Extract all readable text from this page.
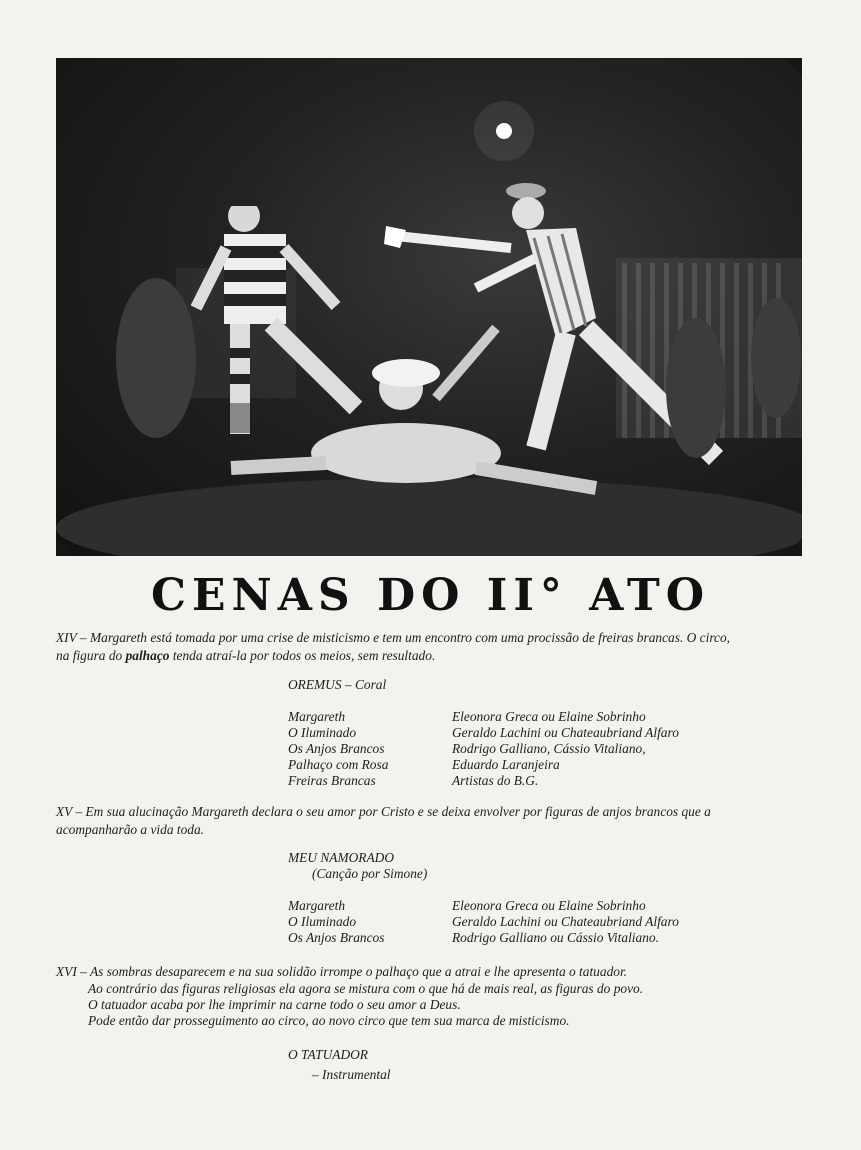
CENAS DO II° ATO
XIV – Margareth está tomada por uma crise de misticismo e tem um encontro com uma procissão de freiras brancas. O circo,
na figura do palhaço tenda atraí-la por todos os meios, sem resultado.
OREMUS – Coral
Margareth
O Iluminado
Os Anjos Brancos
Palhaço com Rosa
Freiras Brancas
Eleonora Greca ou Elaine Sobrinho
Geraldo Lachini ou Chateaubriand Alfaro
Rodrigo Galliano, Cássio Vitaliano,
Eduardo Laranjeira
Artistas do B.G.
XV – Em sua alucinação Margareth declara o seu amor por Cristo e se deixa envolver por figuras de anjos brancos que a
acompanharão a vida toda.
MEU NAMORADO
(Canção por Simone)
Margareth
O Iluminado
Os Anjos Brancos
Eleonora Greca ou Elaine Sobrinho
Geraldo Lachini ou Chateaubriand Alfaro
Rodrigo Galliano ou Cássio Vitaliano.
XVI – As sombras desaparecem e na sua solidão irrompe o palhaço que a atrai e lhe apresenta o tatuador.
Ao contrário das figuras religiosas ela agora se mistura com o que há de mais real, as figuras do povo.
O tatuador acaba por lhe imprimir na carne todo o seu amor a Deus.
Pode então dar prosseguimento ao circo, ao novo circo que tem sua marca de misticismo.
O TATUADOR
– Instrumental
